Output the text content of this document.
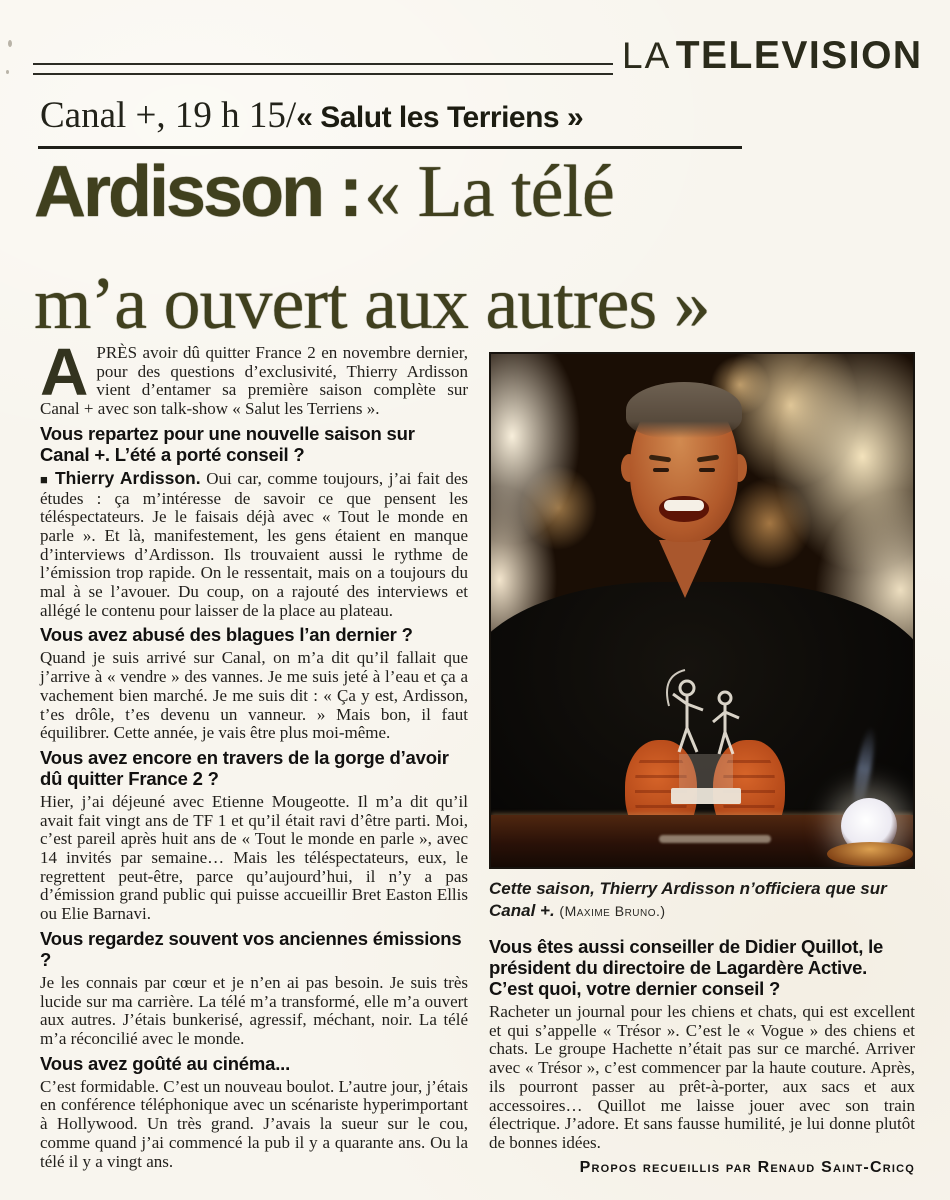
LA TELEVISION
Canal +, 19 h 15/« Salut les Terriens »
Ardisson : « La télé
m’a ouvert aux autres »

APRÈS avoir dû quitter France 2 en novembre dernier, pour des questions d’exclusivité, Thierry Ardisson vient d’entamer sa première saison complète sur Canal + avec son talk-show « Salut les Terriens ».

Vous repartez pour une nouvelle saison sur Canal +. L’été a porté conseil ?

■ Thierry Ardisson. Oui car, comme toujours, j’ai fait des études : ça m’intéresse de savoir ce que pensent les téléspectateurs. Je le faisais déjà avec « Tout le monde en parle ». Et là, manifestement, les gens étaient en manque d’interviews d’Ardisson. Ils trouvaient aussi le rythme de l’émission trop rapide. On le ressentait, mais on a toujours du mal à se l’avouer. Du coup, on a rajouté des interviews et allégé le contenu pour laisser de la place au plateau.

Vous avez abusé des blagues l’an dernier ?

Quand je suis arrivé sur Canal, on m’a dit qu’il fallait que j’arrive à « vendre » des vannes. Je me suis jeté à l’eau et ça a vachement bien marché. Je me suis dit : « Ça y est, Ardisson, t’es drôle, t’es devenu un vanneur. » Mais bon, il faut équilibrer. Cette année, je vais être plus moi-même.

Vous avez encore en travers de la gorge d’avoir dû quitter France 2 ?

Hier, j’ai déjeuné avec Etienne Mougeotte. Il m’a dit qu’il avait fait vingt ans de TF 1 et qu’il était ravi d’être parti. Moi, c’est pareil après huit ans de « Tout le monde en parle », avec 14 invités par semaine… Mais les téléspectateurs, eux, le regrettent peut-être, parce qu’aujourd’hui, il n’y a pas d’émission grand public qui puisse accueillir Bret Easton Ellis ou Elie Barnavi.

Vous regardez souvent vos anciennes émissions ?

Je les connais par cœur et je n’en ai pas besoin. Je suis très lucide sur ma carrière. La télé m’a transformé, elle m’a ouvert aux autres. J’étais bunkerisé, agressif, méchant, noir. La télé m’a réconcilié avec le monde.

Vous avez goûté au cinéma...

C’est formidable. C’est un nouveau boulot. L’autre jour, j’étais en conférence téléphonique avec un scénariste hyperimportant à Hollywood. Un très grand. J’avais la sueur sur le cou, comme quand j’ai commencé la pub il y a quarante ans. Ou la télé il y a vingt ans.

Cette saison, Thierry Ardisson n’officiera que sur Canal +. (Maxime Bruno.)

Vous êtes aussi conseiller de Didier Quillot, le président du directoire de Lagardère Active. C’est quoi, votre dernier conseil ?

Racheter un journal pour les chiens et chats, qui est excellent et qui s’appelle « Trésor ». C’est le « Vogue » des chiens et chats. Le groupe Hachette n’était pas sur ce marché. Arriver avec « Trésor », c’est commencer par la haute couture. Après, ils pourront passer au prêt-à-porter, aux sacs et aux accessoires… Quillot me laisse jouer avec son train électrique. J’adore. Et sans fausse humilité, je lui donne plutôt de bonnes idées.

Propos recueillis par Renaud Saint-Cricq
